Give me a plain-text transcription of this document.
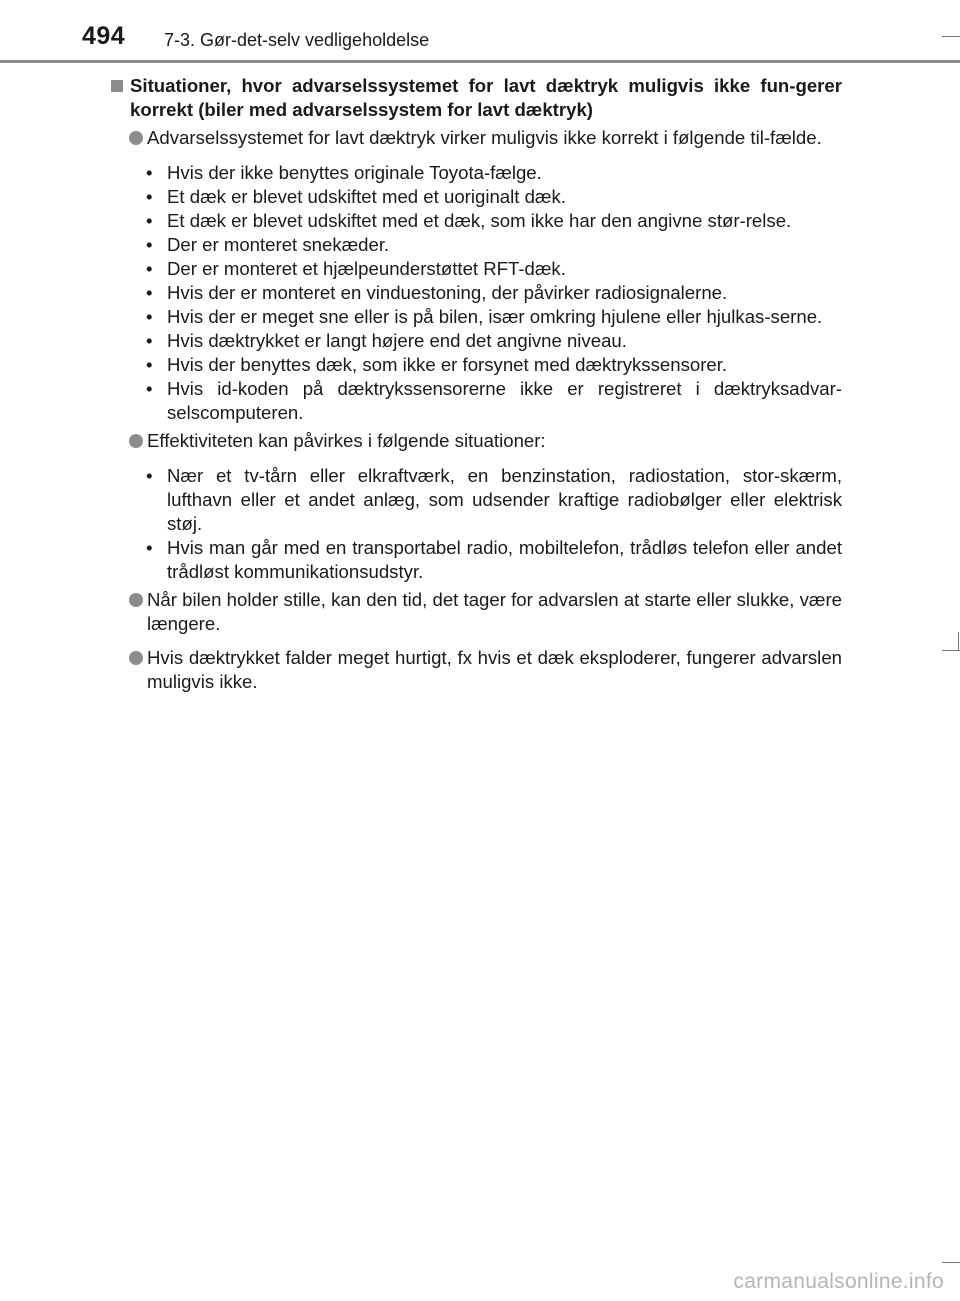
494 7-3. Gør-det-selv vedligeholdelse
Situationer, hvor advarselssystemet for lavt dæktryk muligvis ikke fun-gerer korrekt (biler med advarselssystem for lavt dæktryk)
Advarselssystemet for lavt dæktryk virker muligvis ikke korrekt i følgende til-fælde.
• Hvis der ikke benyttes originale Toyota-fælge.
• Et dæk er blevet udskiftet med et uoriginalt dæk.
• Et dæk er blevet udskiftet med et dæk, som ikke har den angivne stør-relse.
• Der er monteret snekæder.
• Der er monteret et hjælpeunderstøttet RFT-dæk.
• Hvis der er monteret en vinduestoning, der påvirker radiosignalerne.
• Hvis der er meget sne eller is på bilen, især omkring hjulene eller hjulkas-serne.
• Hvis dæktrykket er langt højere end det angivne niveau.
• Hvis der benyttes dæk, som ikke er forsynet med dæktrykssensorer.
• Hvis id-koden på dæktrykssensorerne ikke er registreret i dæktryksadvar-selscomputeren.
Effektiviteten kan påvirkes i følgende situationer:
• Nær et tv-tårn eller elkraftværk, en benzinstation, radiostation, stor-skærm, lufthavn eller et andet anlæg, som udsender kraftige radiobølger eller elektrisk støj.
• Hvis man går med en transportabel radio, mobiltelefon, trådløs telefon eller andet trådløst kommunikationsudstyr.
Når bilen holder stille, kan den tid, det tager for advarslen at starte eller slukke, være længere.
Hvis dæktrykket falder meget hurtigt, fx hvis et dæk eksploderer, fungerer advarslen muligvis ikke.
carmanualsonline.info
